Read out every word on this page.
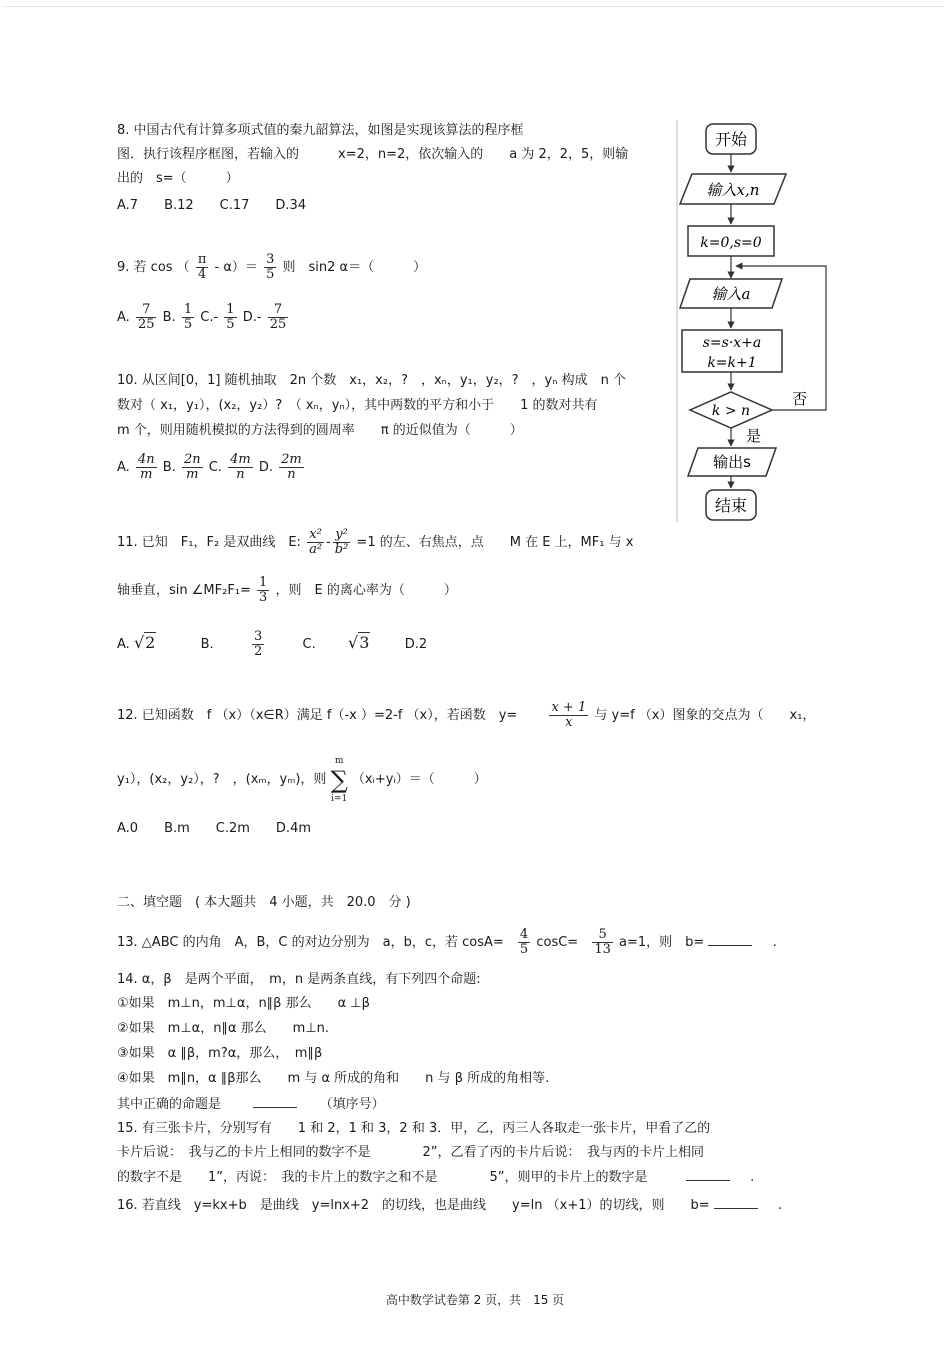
8. 中国古代有计算多项式值的秦九韶算法，如图是实现该算法的程序框
图．执行该程序框图，若输入的　　　x=2，n=2，依次输入的　　a 为 2，2，5，则输
出的　s=（　　　）
A.7　　B.12　　C.17　　D.34
9. 若 cos （ $\frac{\pi}{4} - \alpha)= \frac{3}{5}$ 则　sin2 α＝（　　　）
A. $\frac{7}{25} B$. $\frac{1}{5} C.- \frac{1}{5} D.- \frac{7}{25}$
10. 从区间[0，1] 随机抽取　2n 个数　x₁，x₂，?　，xₙ，y₁，y₂，?　，yₙ 构成　n 个
数对（ x₁，y₁），(x₂，y₂）?　（ xₙ，yₙ），其中两数的平方和小于　　1 的数对共有
m 个，则用随机模拟的方法得到的圆周率　　π 的近似值为（　　　）
A. $\frac{4n}{m} B$. $\frac{2n}{m} C$. $\frac{4m}{n} D$. $\frac{2m}{n}$
11. 已知　F₁，F₂ 是双曲线　E: $\frac{\text{x²}}{\text{a²}} - \frac{\text{y²}}{\text{b²}} =1$ 的左、右焦点，点　　M 在 E 上，MF₁ 与 x
轴垂直，sin ∠MF₂F₁= $\frac{1}{3}$ ，则　E 的离心率为（　　　）
A. √2	B.	$\frac{3}{2}$	C. √3	D.2
12. 已知函数　f （x）（x∈R）满足 f（-x ）=2-f （x），若函数　$y= \frac{x + 1}{x}$ 与 y=f （x）图象的交点为（　　x₁，
y₁），(x₂，y₂），?　，(xₘ，yₘ)，则
m
∑
i=1
（xᵢ+yᵢ）＝（　　　）
A.0　　B.m　　C.2m　　D.4m
二、填空题　( 本大题共　4 小题，共　20.0　分 )
13. △ABC 的内角　A，B，C 的对边分别为　a，b，c，若 $\cos A= \frac{4}{5} \cos C= \frac{5}{13} a=1$，则　b=	.
14. α，β　是两个平面，　m，n 是两条直线，有下列四个命题:
①如果　m⊥n，m⊥α，n∥β 那么　　α ⊥β
②如果　m⊥α，n∥α 那么　　m⊥n.
③如果　α ∥β，m?α，那么，　m∥β
④如果　m∥n，α ∥β那么　　m 与 α 所成的角和　　n 与 β 所成的角相等.
其中正确的命题是	（填序号）
15. 有三张卡片，分别写有　　1 和 2，1 和 3，2 和 3．甲，乙，丙三人各取走一张卡片，甲看了乙的
卡片后说：　我与乙的卡片上相同的数字不是　　　　2”，乙看了丙的卡片后说：　我与丙的卡片上相同
的数字不是　　1”，丙说：　我的卡片上的数字之和不是　　　　5”，则甲的卡片上的数字是	.
16. 若直线　y=kx+b　是曲线　y=lnx+2　的切线，也是曲线　　y=ln （x+1）的切线，则　　b=	.
开始
输入x,n
k=0,s=0
输入a
s=s·x+a
k=k+1
k > n
否
是
输出s
结束
高中数学试卷第 2 页，共　15 页
